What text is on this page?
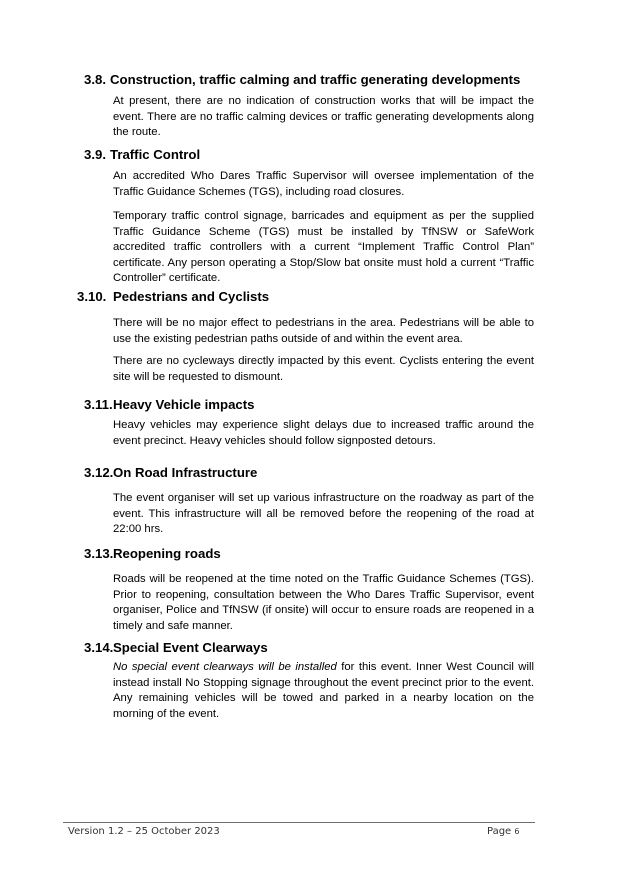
3.8. Construction, traffic calming and traffic generating developments

At present, there are no indication of construction works that will be impact the event. There are no traffic calming devices or traffic generating developments along the route.

3.9. Traffic Control

An accredited Who Dares Traffic Supervisor will oversee implementation of the Traffic Guidance Schemes (TGS), including road closures.

Temporary traffic control signage, barricades and equipment as per the supplied Traffic Guidance Scheme (TGS) must be installed by TfNSW or SafeWork accredited traffic controllers with a current “Implement Traffic Control Plan” certificate. Any person operating a Stop/Slow bat onsite must hold a current “Traffic Controller” certificate.

3.10. Pedestrians and Cyclists

There will be no major effect to pedestrians in the area. Pedestrians will be able to use the existing pedestrian paths outside of and within the event area.

There are no cycleways directly impacted by this event. Cyclists entering the event site will be requested to dismount.

3.11.Heavy Vehicle impacts

Heavy vehicles may experience slight delays due to increased traffic around the event precinct. Heavy vehicles should follow signposted detours.

3.12.On Road Infrastructure

The event organiser will set up various infrastructure on the roadway as part of the event. This infrastructure will all be removed before the reopening of the road at 22:00 hrs.

3.13.Reopening roads

Roads will be reopened at the time noted on the Traffic Guidance Schemes (TGS). Prior to reopening, consultation between the Who Dares Traffic Supervisor, event organiser, Police and TfNSW (if onsite) will occur to ensure roads are reopened in a timely and safe manner.

3.14.Special Event Clearways

No special event clearways will be installed for this event. Inner West Council will instead install No Stopping signage throughout the event precinct prior to the event. Any remaining vehicles will be towed and parked in a nearby location on the morning of the event.

Version 1.2 – 25 October 2023	Page 6
